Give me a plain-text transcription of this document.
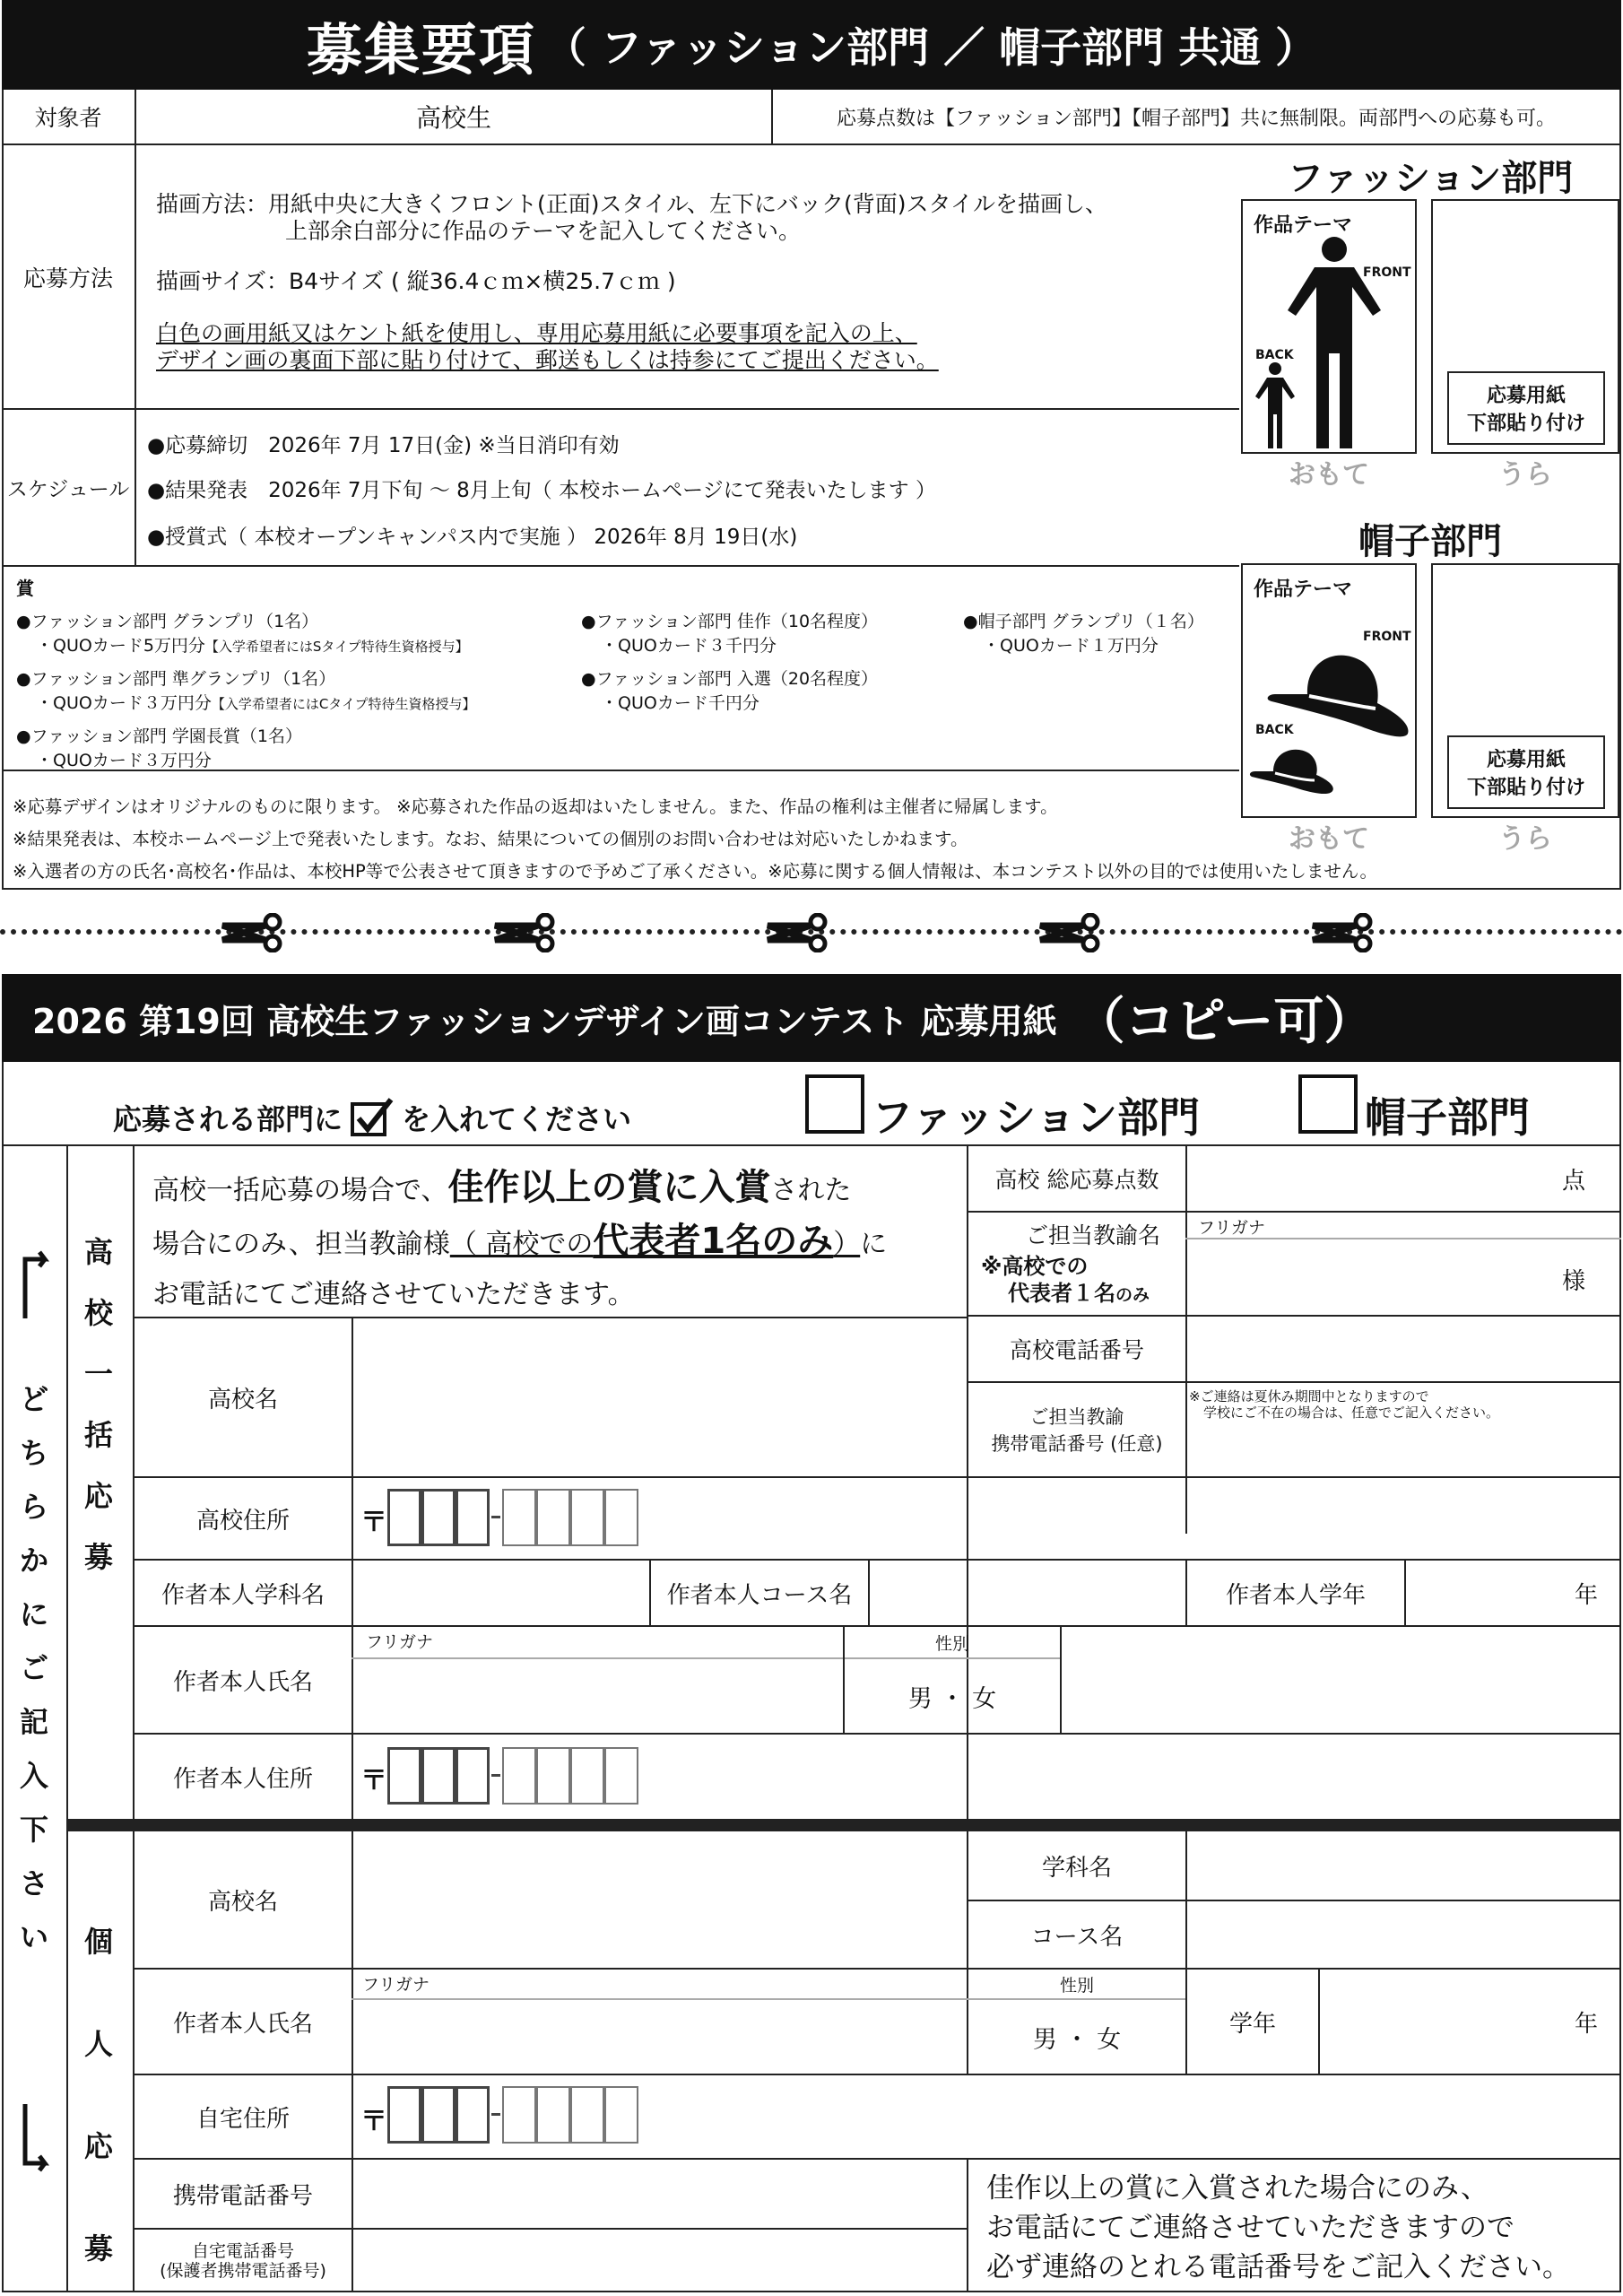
募集要項 （ ファッション部門 ／ 帽子部門 共通 ）
対象者	高校生	応募点数は【ファッション部門】【帽子部門】共に無制限。両部門への応募も可。
応募方法
描画方法：用紙中央に大きくフロント(正面)スタイル、左下にバック(背面)スタイルを描画し、
上部余白部分に作品のテーマを記入してください。
描画サイズ：B4サイズ ( 縦36.4ｃｍ×横25.7ｃｍ )
白色の画用紙又はケント紙を使用し、専用応募用紙に必要事項を記入の上、
デザイン画の裏面下部に貼り付けて、郵送もしくは持参にてご提出ください。
スケジュール
●応募締切　2026年 7月 17日(金) ※当日消印有効
●結果発表　2026年 7月下旬 ～ 8月上旬（ 本校ホームページにて発表いたします ）
●授賞式（ 本校オープンキャンパス内で実施 ） 2026年 8月 19日(水)
賞
●ファッション部門 グランプリ（1名）
・QUOカード5万円分【入学希望者にはSタイプ特待生資格授与】
●ファッション部門 準グランプリ（1名）
・QUOカード３万円分【入学希望者にはCタイプ特待生資格授与】
●ファッション部門 学園長賞（1名）
・QUOカード３万円分
●ファッション部門 佳作（10名程度）
・QUOカード３千円分
●ファッション部門 入選（20名程度）
・QUOカード千円分
●帽子部門 グランプリ（１名）
・QUOカード１万円分
※応募デザインはオリジナルのものに限ります。 ※応募された作品の返却はいたしません。また、作品の権利は主催者に帰属します。
※結果発表は、本校ホームページ上で発表いたします。なお、結果についての個別のお問い合わせは対応いたしかねます。
※入選者の方の氏名･高校名･作品は、本校HP等で公表させて頂きますので予めご了承ください。※応募に関する個人情報は、本コンテスト以外の目的では使用いたしません。
ファッション部門
作品テーマ
FRONT
BACK
応募用紙
下部貼り付け
おもて	うら
帽子部門
作品テーマ
FRONT
BACK
応募用紙
下部貼り付け
おもて	うら
2026 第19回 高校生ファッションデザイン画コンテスト 応募用紙 （コピー可）
応募される部門に を入れてください	ファッション部門	帽子部門
どちらかにご記入下さい
高校一括応募
個人応募
高校一括応募の場合で、佳作以上の賞に入賞された
場合にのみ、担当教諭様（ 高校での代表者1名のみ）に
お電話にてご連絡させていただきます。
高校 総応募点数	点
ご担当教諭名
※高校での
代表者１名のみ
フリガナ
様
高校電話番号
ご担当教諭
携帯電話番号 (任意)
※ご連絡は夏休み期間中となりますので
学校にご不在の場合は、任意でご記入ください。
高校名
高校住所	〒
作者本人学科名	作者本人コース名	作者本人学年	年
作者本人氏名
フリガナ	性別
男 ・ 女
作者本人住所	〒
高校名
学科名
コース名
作者本人氏名
フリガナ	性別
男 ・ 女
学年	年
自宅住所	〒
携帯電話番号
自宅電話番号
(保護者携帯電話番号)
佳作以上の賞に入賞された場合にのみ、
お電話にてご連絡させていただきますので
必ず連絡のとれる電話番号をご記入ください。
